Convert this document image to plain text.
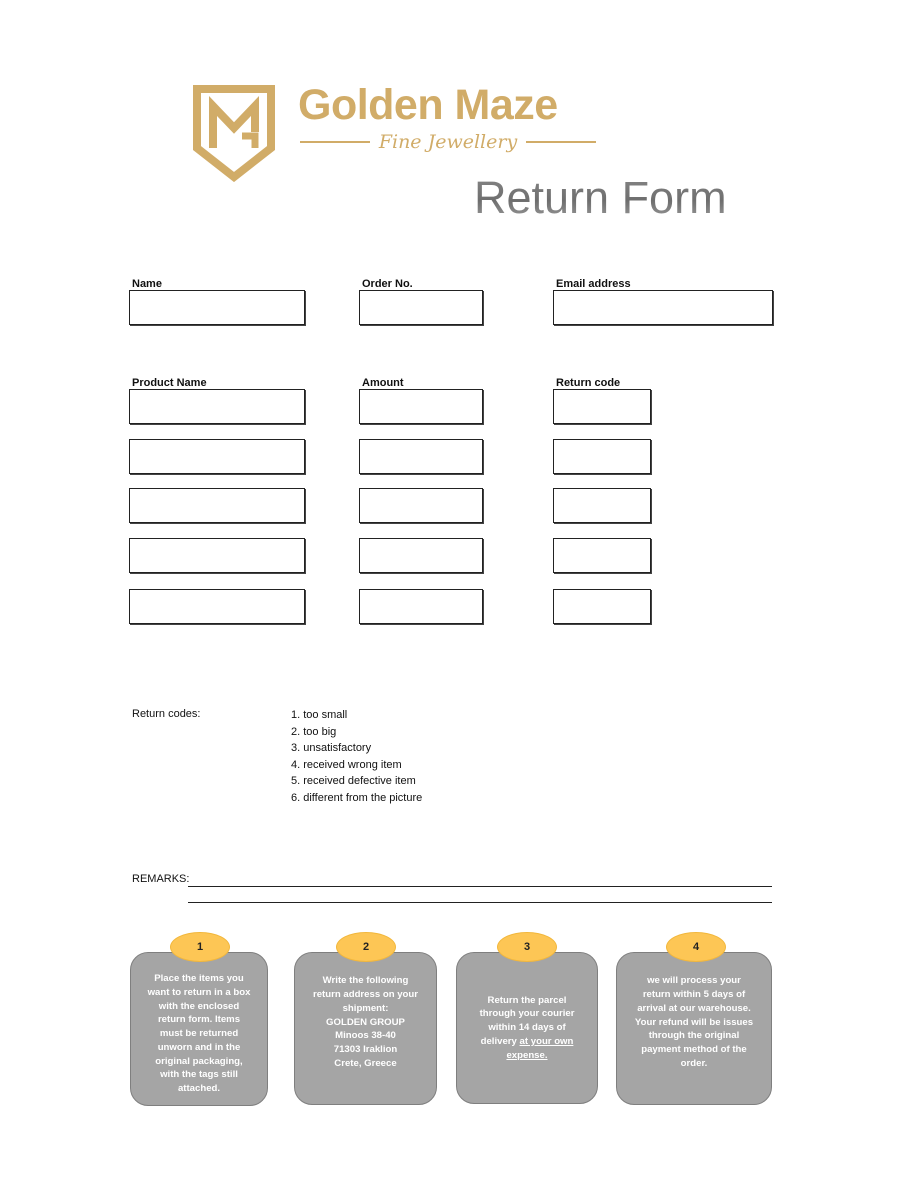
Golden Maze
Fine Jewellery
Return Form
Name	Order No.	Email address
Product Name	Amount	Return code
Return codes:	1. too small
2. too big
3. unsatisfactory
4. received wrong item
5. received defective item
6. different from the picture
REMARKS:
Place the items you
want to return in a box
with the enclosed
return form. Items
must be returned
unworn and in the
original packaging,
with the tags still
attached.
1
Write the following
return address on your
shipment:
GOLDEN GROUP
Minoos 38-40
71303 Iraklion
Crete, Greece
2
Return the parcel
through your courier
within 14 days of
delivery at your own
expense.
3
we will process your
return within 5 days of
arrival at our warehouse.
Your refund will be issues
through the original
payment method of the
order.
4
